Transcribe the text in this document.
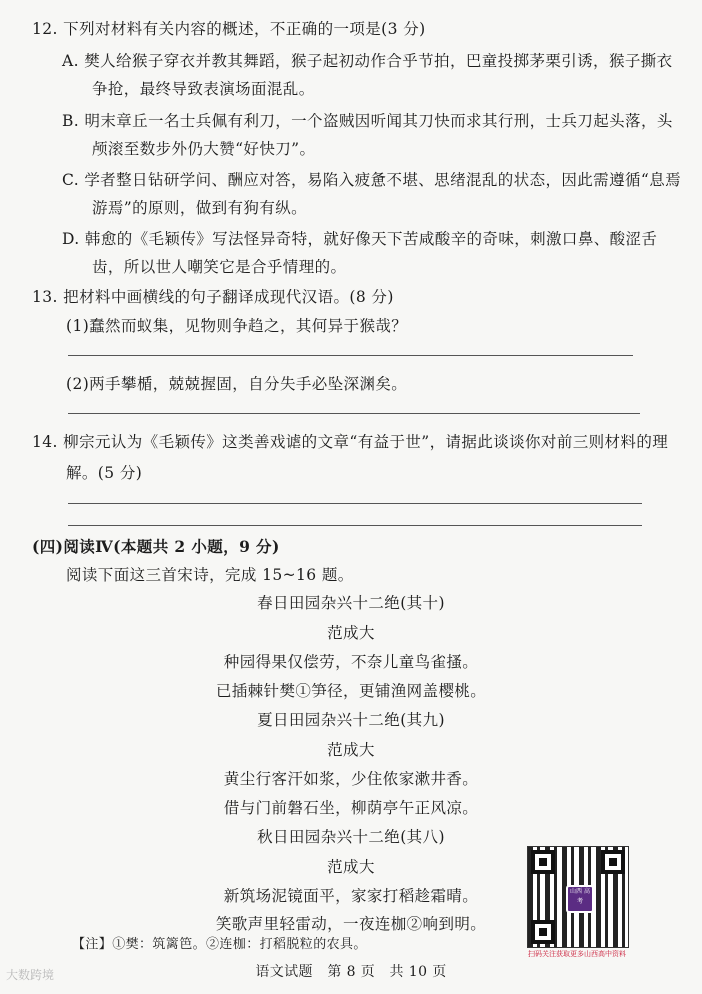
12. 下列对材料有关内容的概述，不正确的一项是(3 分)
A. 樊人给猴子穿衣并教其舞蹈，猴子起初动作合乎节拍，巴童投掷茅栗引诱，猴子撕衣
争抢，最终导致表演场面混乱。
B. 明末章丘一名士兵佩有利刀，一个盗贼因听闻其刀快而求其行刑，士兵刀起头落，头
颅滚至数步外仍大赞“好快刀”。
C. 学者整日钻研学问、酬应对答，易陷入疲惫不堪、思绪混乱的状态，因此需遵循“息焉
游焉”的原则，做到有狗有纵。
D. 韩愈的《毛颖传》写法怪异奇特，就好像天下苦咸酸辛的奇味，刺激口鼻、酸涩舌
齿，所以世人嘲笑它是合乎情理的。
13. 把材料中画横线的句子翻译成现代汉语。(8 分)
(1)蠢然而蚁集，见物则争趋之，其何异于猴哉？
(2)两手攀楯，兢兢握固，自分失手必坠深渊矣。
14. 柳宗元认为《毛颖传》这类善戏谑的文章“有益于世”，请据此谈谈你对前三则材料的理
解。(5 分)
(四)阅读Ⅳ(本题共 2 小题，9 分)
阅读下面这三首宋诗，完成 15~16 题。
春日田园杂兴十二绝(其十)
范成大
种园得果仅偿劳，不奈儿童鸟雀搔。
已插棘针樊①笋径，更铺渔网盖樱桃。
夏日田园杂兴十二绝(其九)
范成大
黄尘行客汗如浆，少住侬家漱井香。
借与门前磐石坐，柳荫亭午正风凉。
秋日田园杂兴十二绝(其八)
范成大
新筑场泥镜面平，家家打稻趁霜晴。
笑歌声里轻雷动，一夜连枷②响到明。
【注】①樊：筑篱笆。②连枷：打稻脱粒的农具。
山西 高考
扫码关注获取更多山西高中资料
语文试题　第 8 页　共 10 页
大数跨境
